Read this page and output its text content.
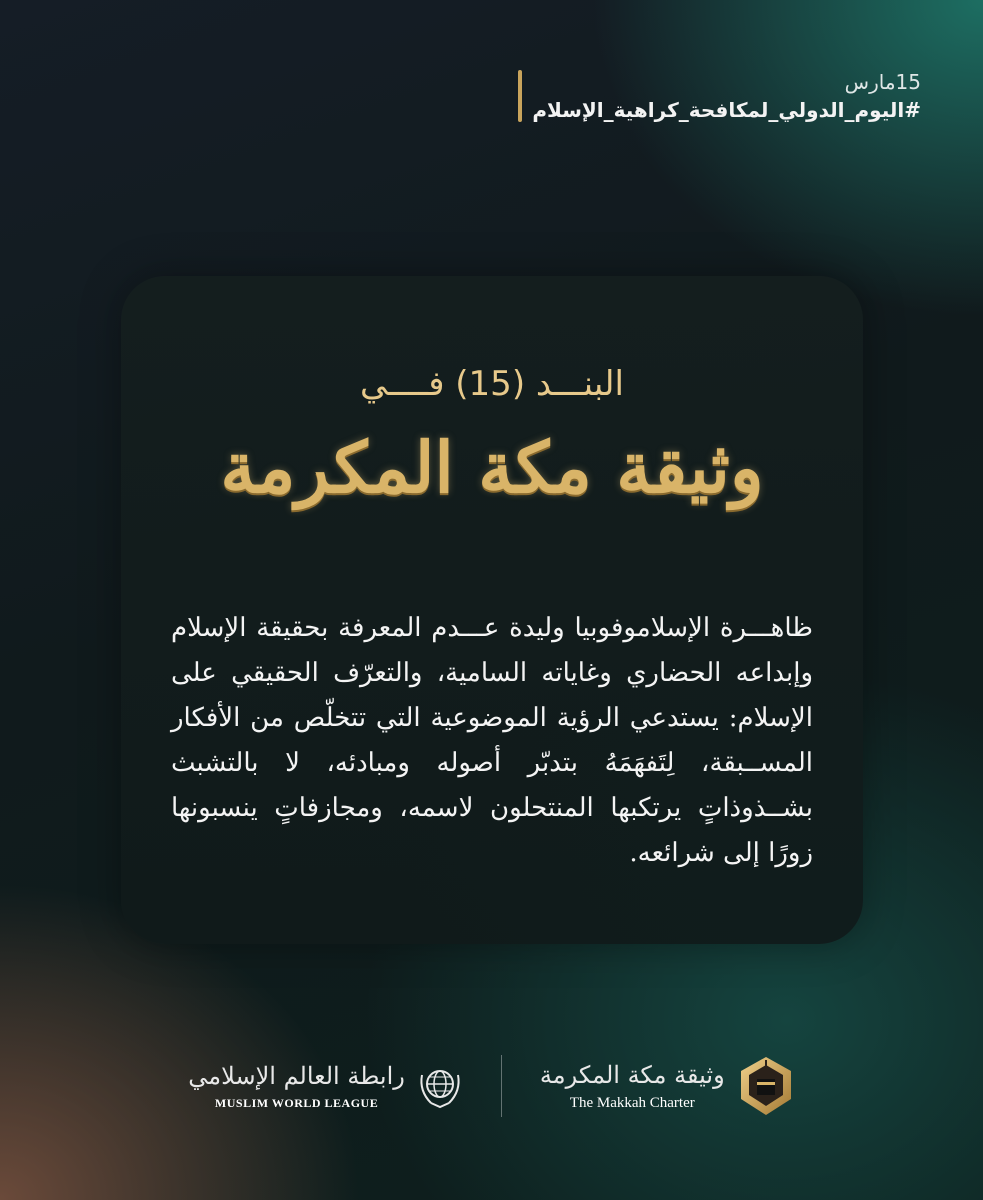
15مارس
#اليوم_الدولي_لمكافحة_كراهية_الإسلام
البنـــد (15) فــــي
وثيقة مكة المكرمة
ظاهـــرة الإسلاموفوبيا وليدة عـــدم المعرفة بحقيقة الإسلام وإبداعه الحضاري وغاياته السامية، والتعرّف الحقيقي على الإسلام: يستدعي الرؤية الموضوعية التي تتخلّص من الأفكار المســبقة، لِتَفهَمَهُ بتدبّر أصوله ومبادئه، لا بالتشبث بشــذوذاتٍ يرتكبها المنتحلون لاسمه، ومجازفاتٍ ينسبونها زورًا إلى شرائعه.
رابطة العالم الإسلامي
MUSLIM WORLD LEAGUE
وثيقة مكة المكرمة
The Makkah Charter
